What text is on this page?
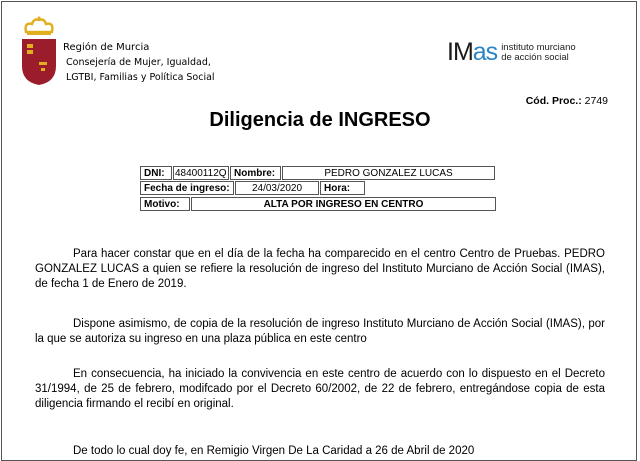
Región de Murcia
Consejería de Mujer, Igualdad,
LGTBI, Familias y Política Social
IMas instituto murciano
de acción social
Cód. Proc.: 2749
Diligencia de INGRESO
DNI:	48400112Q Nombre:	PEDRO GONZALEZ LUCAS
Fecha de ingreso:	24/03/2020	Hora:
Motivo:	ALTA POR INGRESO EN CENTRO
Para hacer constar que en el día de la fecha ha comparecido en el centro Centro de Pruebas. PEDRO GONZALEZ LUCAS a quien se refiere la resolución de ingreso del Instituto Murciano de Acción Social (IMAS), de fecha 1 de Enero de 2019.
Dispone asimismo, de copia de la resolución de ingreso Instituto Murciano de Acción Social (IMAS), por la que se autoriza su ingreso en una plaza pública en este centro
En consecuencia, ha iniciado la convivencia en este centro de acuerdo con lo dispuesto en el Decreto 31/1994, de 25 de febrero, modifcado por el Decreto 60/2002, de 22 de febrero, entregándose copia de esta diligencia firmando el recibí en original.
De todo lo cual doy fe, en Remigio Virgen De La Caridad a 26 de Abril de 2020
